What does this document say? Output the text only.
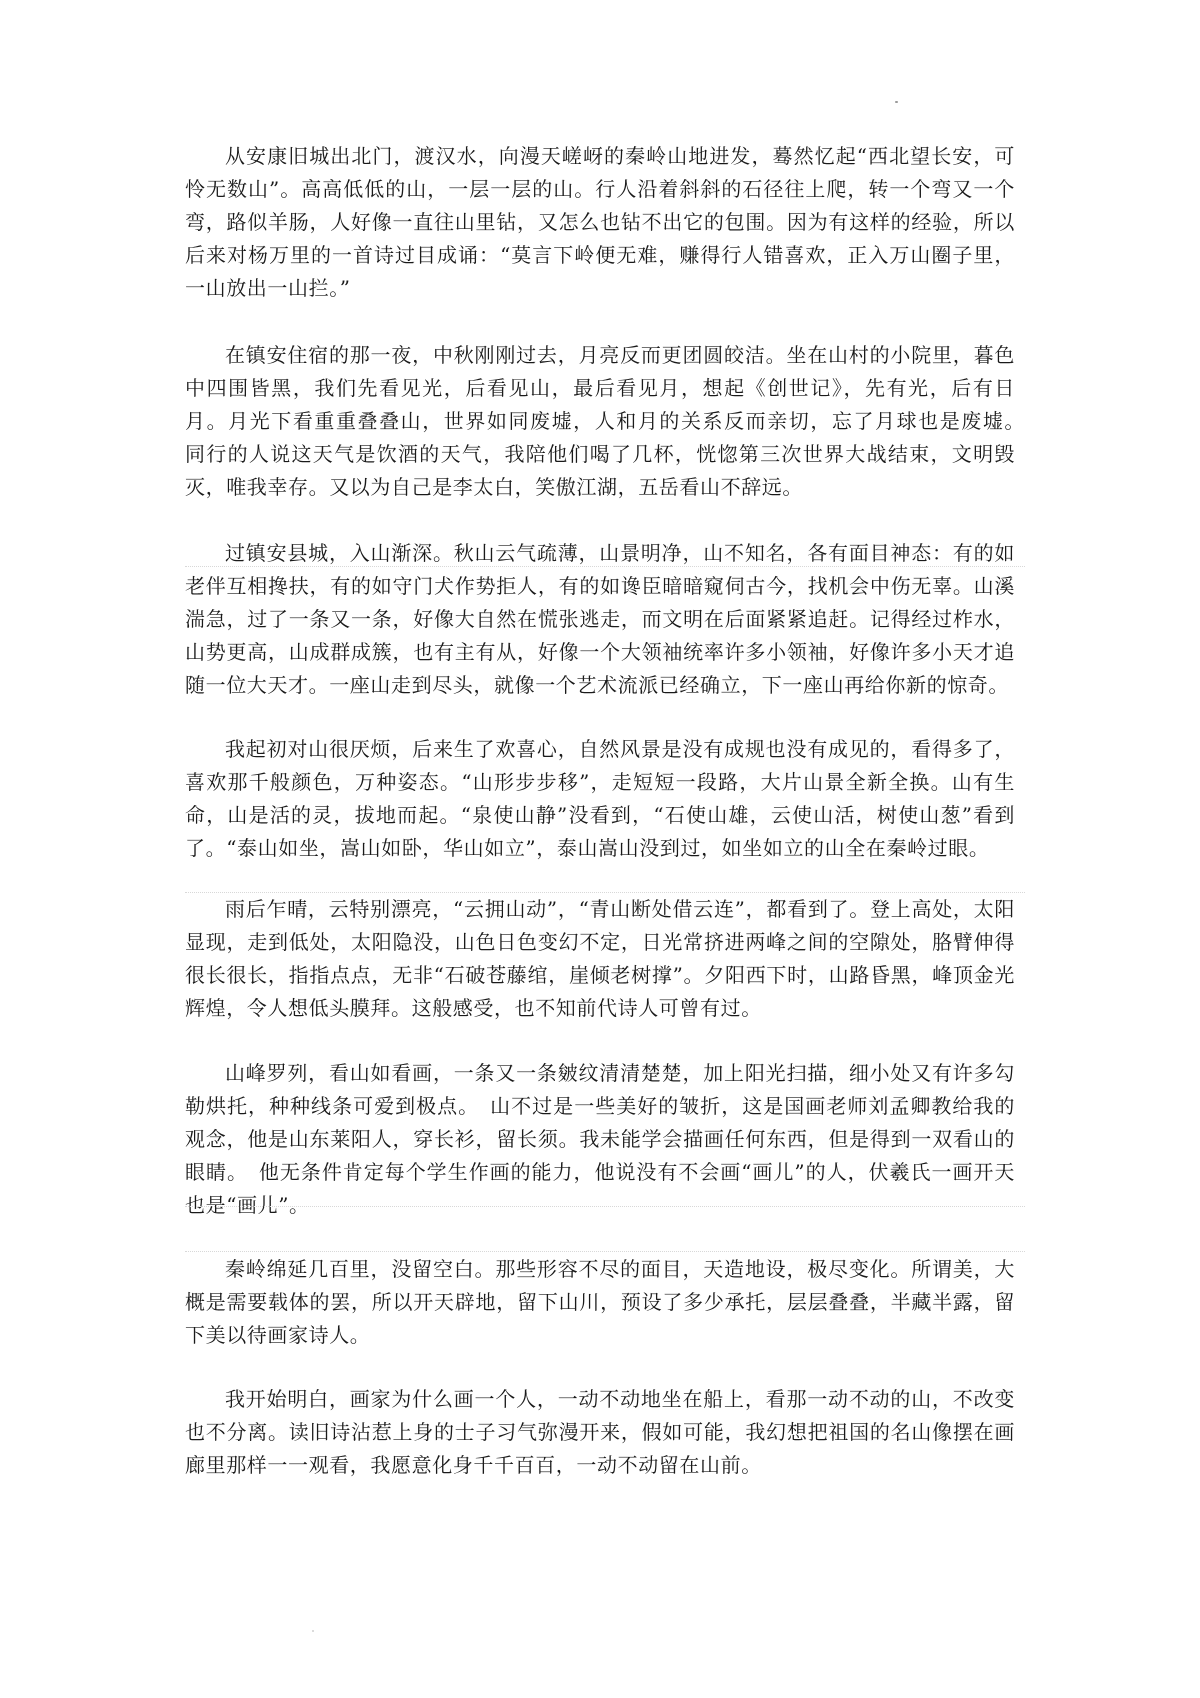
从安康旧城出北门，渡汉水，向漫天嵯岈的秦岭山地进发，蓦然忆起“西北望长安，可怜无数山”。高高低低的山，一层一层的山。行人沿着斜斜的石径往上爬，转一个弯又一个弯，路似羊肠，人好像一直往山里钻，又怎么也钻不出它的包围。因为有这样的经验，所以后来对杨万里的一首诗过目成诵：“莫言下岭便无难，赚得行人错喜欢，正入万山圈子里，一山放出一山拦。”

在镇安住宿的那一夜，中秋刚刚过去，月亮反而更团圆皎洁。坐在山村的小院里，暮色中四围皆黑，我们先看见光，后看见山，最后看见月，想起《创世记》，先有光，后有日月。月光下看重重叠叠山，世界如同废墟，人和月的关系反而亲切，忘了月球也是废墟。　同行的人说这天气是饮酒的天气，我陪他们喝了几杯，恍惚第三次世界大战结束，文明毁灭，唯我幸存。又以为自己是李太白，笑傲江湖，五岳看山不辞远。

过镇安县城，入山渐深。秋山云气疏薄，山景明净，山不知名，各有面目神态：有的如老伴互相搀扶，有的如守门犬作势拒人，有的如谗臣暗暗窥伺古今，找机会中伤无辜。山溪湍急，过了一条又一条，好像大自然在慌张逃走，而文明在后面紧紧追赶。记得经过柞水，山势更高，山成群成簇，也有主有从，好像一个大领袖统率许多小领袖，好像许多小天才追随一位大天才。一座山走到尽头，就像一个艺术流派已经确立，下一座山再给你新的惊奇。

我起初对山很厌烦，后来生了欢喜心，自然风景是没有成规也没有成见的，看得多了，喜欢那千般颜色，万种姿态。“山形步步移”，走短短一段路，大片山景全新全换。山有生命，山是活的灵，拔地而起。“泉使山静”没看到，“石使山雄，云使山活，树使山葱”看到了。“泰山如坐，嵩山如卧，华山如立”，泰山嵩山没到过，如坐如立的山全在秦岭过眼。

雨后乍晴，云特别漂亮，“云拥山动”，“青山断处借云连”，都看到了。登上高处，太阳显现，走到低处，太阳隐没，山色日色变幻不定，日光常挤进两峰之间的空隙处，胳臂伸得很长很长，指指点点，无非“石破苍藤绾，崖倾老树撑”。夕阳西下时，山路昏黑，峰顶金光辉煌，令人想低头膜拜。这般感受，也不知前代诗人可曾有过。

山峰罗列，看山如看画，一条又一条皴纹清清楚楚，加上阳光扫描，细小处又有许多勾勒烘托，种种线条可爱到极点。　山不过是一些美好的皱折，这是国画老师刘孟卿教给我的观念，他是山东莱阳人，穿长衫，留长须。我未能学会描画任何东西，但是得到一双看山的眼睛。　他无条件肯定每个学生作画的能力，他说没有不会画“画儿”的人，伏羲氏一画开天也是“画儿”。

秦岭绵延几百里，没留空白。那些形容不尽的面目，天造地设，极尽变化。所谓美，大概是需要载体的罢，所以开天辟地，留下山川，预设了多少承托，层层叠叠，半藏半露，留下美以待画家诗人。

我开始明白，画家为什么画一个人，一动不动地坐在船上，看那一动不动的山，不改变也不分离。读旧诗沾惹上身的士子习气弥漫开来，假如可能，我幻想把祖国的名山像摆在画廊里那样一一观看，我愿意化身千千百百，一动不动留在山前。
